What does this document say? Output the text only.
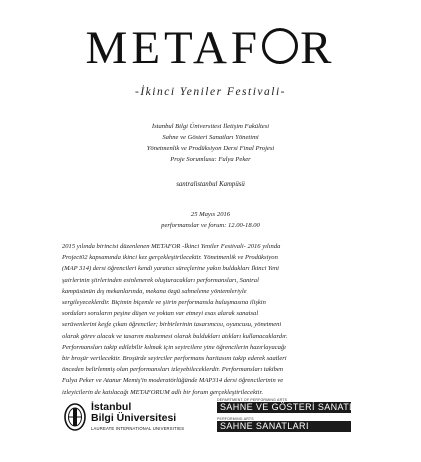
METAF R
-İkinci Yeniler Festivali-
İstanbul Bilgi Üniversitesi İletişim Fakültesi
Sahne ve Gösteri Sanatları Yönetimi
Yönetmenlik ve Prodüksiyon Dersi Final Projesi
Proje Sorumlusu: Fulya Peker
santralistanbul Kampüsü
25 Mayıs 2016
performanslar ve forum: 12.00-18.00
2015 yılında birincisi düzenlenen METAFOR -İkinci Yeniler Festivali- 2016 yılında
Project02 kapsamında ikinci kez gerçekleştirilecektir. Yönetmenlik ve Prodüksiyon
(MAP 314) dersi öğrencileri kendi yaratıcı süreçlerine yakın buldukları İkinci Yeni
şairlerinin şiirlerinden esinlenerek oluşturacakları performansları, Santral
kampüsünün dış mekanlarında, mekana özgü sahneleme yöntemleriyle
sergileyeceklerdir. Biçimin biçemle ve şiirin performansla buluşmasına ilişkin
sorduları soruların peşine düşen ve yoktan var etmeyi esas alarak sanatsal
serüvenlerini keşfe çıkan öğrenciler; birbirlerinin tasarımcısı, oyuncusu, yönetmeni
olarak görev alacak ve tasarım malzemesi olarak buldukları atıkları kullanacaklardır.
Performansları takip edilebilir kılmak için seyircilere yine öğrencilerin hazırlayacağı
bir broşür verilecektir. Broşürde seyirciler performans haritasını takip ederek saatleri
önceden belirlenmiş olan performansları izleyebileceklerdir. Performansları takiben
Fulya Peker ve Atanur Memiş'in moderatörlüğünde MAP314 dersi öğrencilerinin ve
izleyicilerin de katılacağı METAFORUM adlı bir forum gerçekleştirilecektir.
İstanbul
Bilgi Üniversitesi
LAUREATE INTERNATIONAL UNIVERSITIES
DEPARTMENT OF PERFORMING ARTS
SAHNE VE GÖSTERİ SANATLARI YÖNETİMİ
PERFORMING ARTS
SAHNE SANATLARI
